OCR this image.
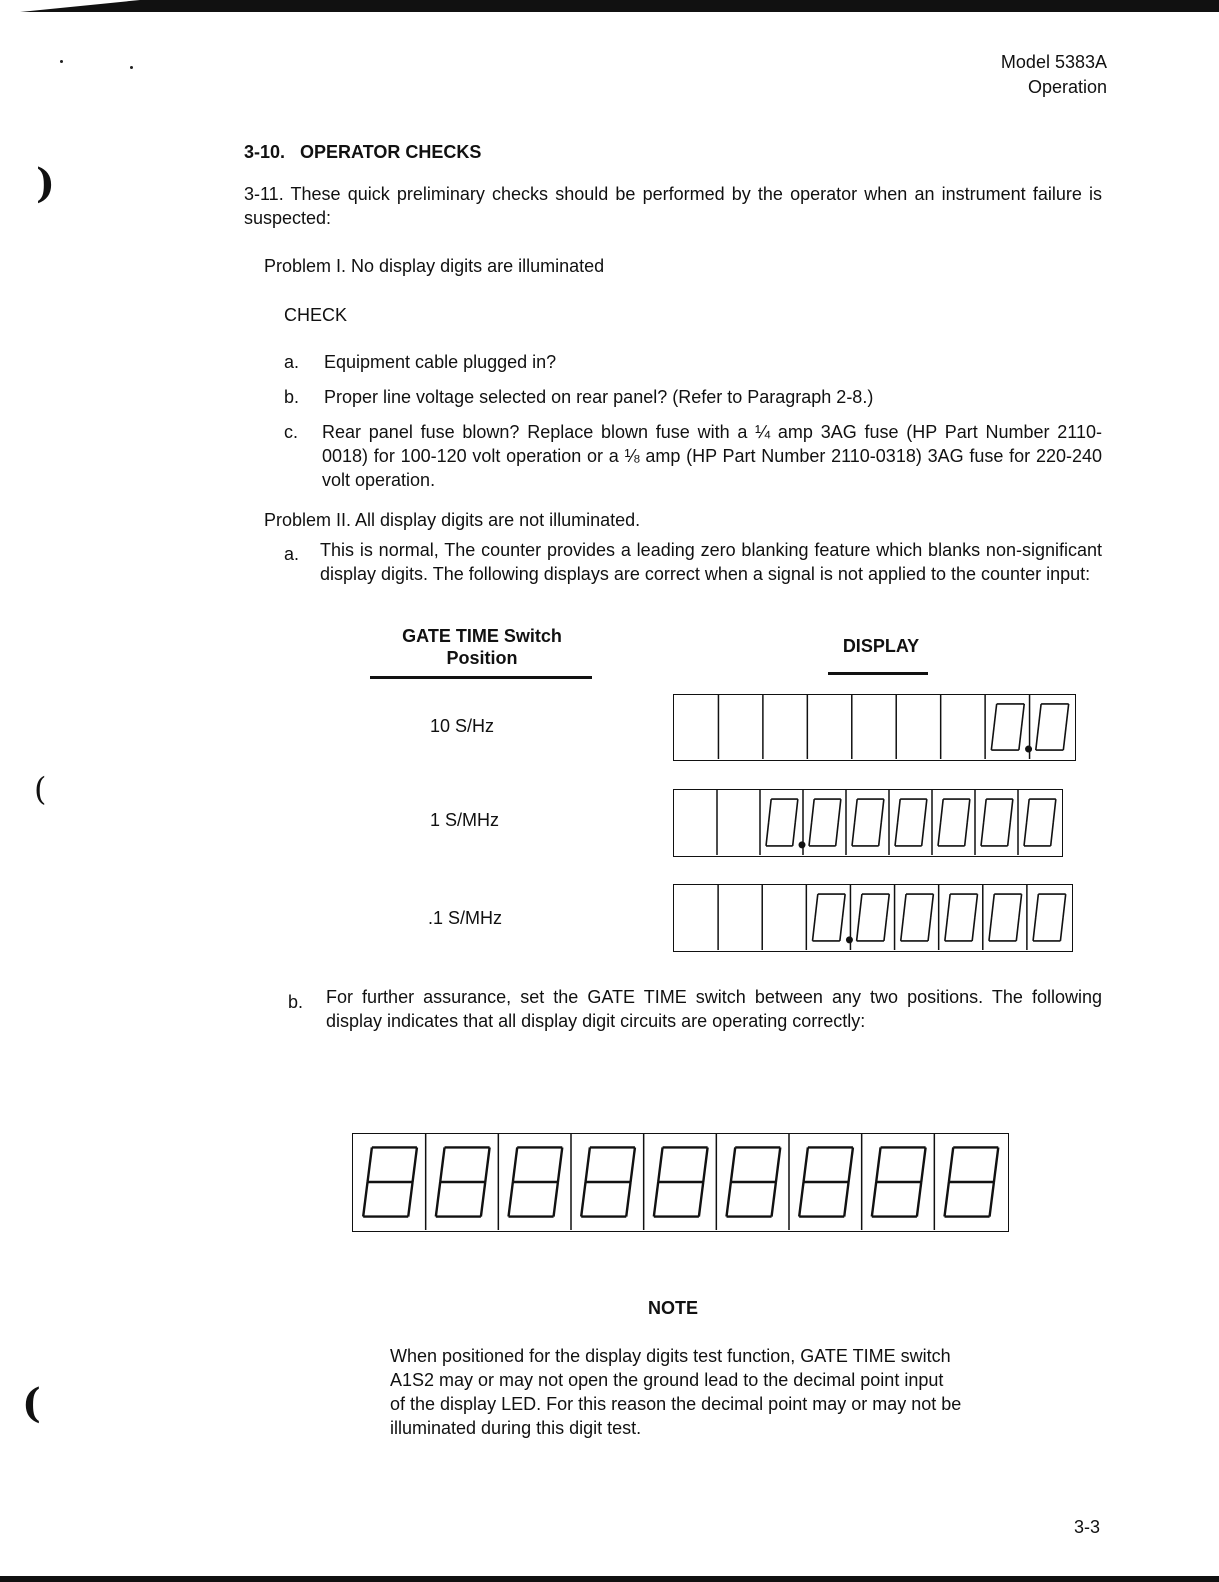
)
(
(
Model 5383A
Operation
3-10. OPERATOR CHECKS
3-11. These quick preliminary checks should be performed by the operator when an instrument failure is suspected:
Problem I. No display digits are illuminated
CHECK
a. Equipment cable plugged in?
b. Proper line voltage selected on rear panel? (Refer to Paragraph 2-8.)
c. Rear panel fuse blown? Replace blown fuse with a ¼ amp 3AG fuse (HP Part Number 2110-0018) for 100-120 volt operation or a ⅛ amp (HP Part Number 2110-0318) 3AG fuse for 220-240 volt operation.
Problem II. All display digits are not illuminated.
a. This is normal, The counter provides a leading zero blanking feature which blanks non-significant display digits. The following displays are correct when a signal is not applied to the counter input:
GATE TIME Switch Position
DISPLAY
10 S/Hz
1 S/MHz
.1 S/MHz
b. For further assurance, set the GATE TIME switch between any two positions. The following display indicates that all display digit circuits are operating correctly:
NOTE
When positioned for the display digits test function, GATE TIME switch A1S2 may or may not open the ground lead to the decimal point input of the display LED. For this reason the decimal point may or may not be illuminated during this digit test.
3-3
